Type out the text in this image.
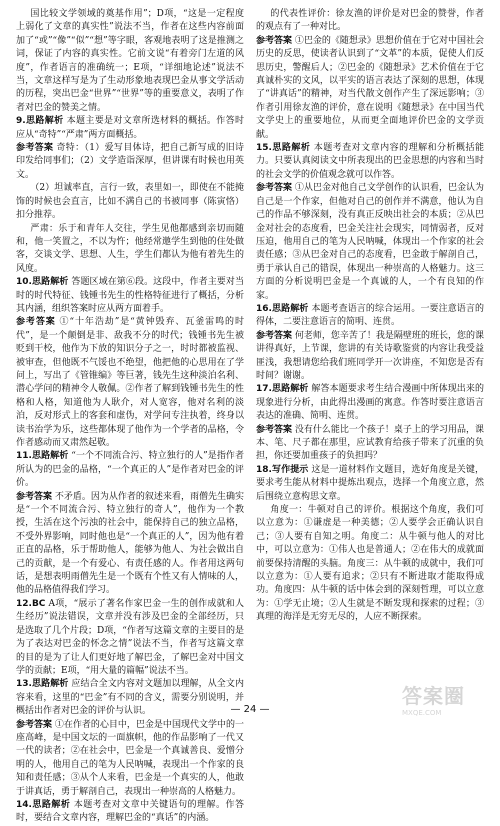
国比较文学领域的奠基作用”；D项，“这是一定程度上弱化了文章的真实性”说法不当，作者在这些内容前面加了“或”“像”“似”“想”等字眼，客观地表明了这是推测之词，保证了内容的真实性。它前文说“有着旁门左道的风度”，作者语言的准确统一；E项，“详细地论述”说法不当，文章这样写是为了生动形象地表现巴金从事文学活动的历程，突出巴金“世界”“世界”等的重要意义，表明了作者对巴金的赞美之情。

9.思路解析 本题主要是对文章所选材料的概括。作答时应从“奇特”“严肃”两方面概括。

参考答案 奇特：（1）爱写目体诗，把自己新写成的旧诗印发给同事们；（2）文学造诣深厚，但讲课有时候也用英文。

（2）坦诚率直，言行一致，表里如一，即使在不能掩饰的时候也会直言，比如不满自己的书被同事（陈寅恪）扣分推荐。

严肃：乐于和青年人交往，学生见他都感到亲切而随和，他一笑置之，不以为忤；他经常邀学生到他的住处做客，交谈文学、思想、人生，学生们都认为他有着先生的风度。

10.思路解析 答题区域在第⑥段。这段中，作者主要对当时的时代特征、钱锺书先生的性格特征进行了概括，分析其内涵，组织答案时应从两方面着手。

参考答案 ①“十年浩劫”是“黄钟毁弃、瓦釜雷鸣的时代”，是一个颠倒是非、敌我不分的时代；钱锺书先生被贬到干校，他作为下放的知识分子之一，时时都被监视、被审查，但他既不气馁也不绝望，他把他的心思用在了学问上，写出了《管锥编》等巨著，钱先生这种淡泊名利、潜心学问的精神令人敬佩。②作者了解到钱锺书先生的性格和人格，知道他为人耿介，对人宽容，他对名利的淡泊，反对形式上的客套和虚伪，对学问专注执着，终身以读书治学为乐，这些都体现了他作为一个学者的品格，令作者感动而又肃然起敬。

11.思路解析 “一个不同流合污、特立独行的人”是指作者所认为的巴金的品格，“一个真正的人”是作者对巴金的评价。

参考答案 不矛盾。因为从作者的叙述来看，雨僧先生确实是“一个不同流合污、特立独行的奇人”，他作为一个教授，生活在这个污浊的社会中，能保持自己的独立品格，不受外界影响，同时他也是“一个真正的人”，因为他有着正直的品格，乐于帮助他人，能够为他人、为社会做出自己的贡献，是一个有爱心、有责任感的人。作者用这两句话，是想表明雨僧先生是一个既有个性又有人情味的人，他的品格值得我们学习。

12.BC A项，“展示了著名作家巴金一生的创作成就和人生经历”说法错误，文章并没有涉及巴金的全部经历，只是选取了几个片段；D项，“作者写这篇文章的主要目的是为了表达对巴金的怀念之情”说法不当，作者写这篇文章的目的是为了让人们更好地了解巴金，了解巴金对中国文学的贡献；E项，“用大量的篇幅”说法不当。

13.思路解析 应结合全文内容对文题加以理解，从全文内容来看，这里的“巴金”有不同的含义，需要分别说明，并概括出作者对巴金的评价与认识。

参考答案 ①在作者的心目中，巴金是中国现代文学中的一座高峰，是中国文坛的一面旗帜，他的作品影响了一代又一代的读者；②在社会中，巴金是一个真诚善良、爱憎分明的人，他用自己的笔为人民呐喊，表现出一个作家的良知和责任感；③从个人来看，巴金是一个真实的人，他敢于讲真话，勇于解剖自己，表现出一种崇高的人格魅力。

14.思路解析 本题考查对文章中关键语句的理解。作答时，要结合文章内容，理解巴金的“真话”的内涵。

的代表性评价：徐友渔的评价是对巴金的赞誉，作者的观点有了一种对比。

参考答案 ①巴金的《随想录》思想价值在于它对中国社会历史的反思，使读者认识到了“文革”的本质，促使人们反思历史，警醒后人；②巴金的《随想录》艺术价值在于它真诚朴实的文风，以平实的语言表达了深刻的思想，体现了“讲真话”的精神，对当代散文创作产生了深远影响；③作者引用徐友渔的评价，意在说明《随想录》在中国当代文学史上的重要地位，从而更全面地评价巴金的文学贡献。

15.思路解析 本题考查对文章内容的理解和分析概括能力。只要认真阅读文中所表现出的巴金思想的内容和当时的社会文学的价值观念就可以作答。

参考答案 ①从巴金对他自己文学创作的认识看，巴金认为自己是一个作家，但他对自己的创作并不满意，他认为自己的作品不够深刻，没有真正反映出社会的本质；②从巴金对社会的态度看，巴金关注社会现实，同情弱者，反对压迫，他用自己的笔为人民呐喊，体现出一个作家的社会责任感；③从巴金对自己的态度看，巴金敢于解剖自己，勇于承认自己的错误，体现出一种崇高的人格魅力。这三方面的分析说明巴金是一个真诚的人，一个有良知的作家。

16.思路解析 本题考查语言的综合运用。一要注意语言的得体，二要注意语言的简明、连贯。

参考答案 何老师，您辛苦了！我是隔壁班的班长，您的课讲得真好，上节课，您讲的有关诗歌鉴赏的内容让我受益匪浅，我想请您给我们班同学开一次讲座，不知您是否有时间？谢谢。

17.思路解析 解答本题要求考生结合漫画中所体现出来的现象进行分析，由此得出漫画的寓意。作答时要注意语言表达的准确、简明、连贯。

参考答案 没有什么能比一个孩子！桌子上的学习用品，课本、笔、尺子都在那里，应试教育给孩子带来了沉重的负担，你还要加重孩子的负担吗？

18.写作提示 这是一道材料作文题目，选好角度是关键，要求考生能从材料中提炼出观点，选择一个角度立意，然后围绕立意构思文章。

角度一：牛顿对自己的评价。根据这个角度，我们可以立意为：①谦虚是一种美德；②人要学会正确认识自己；③人要有自知之明。角度二：从牛顿与他人的对比中，可以立意为：①伟人也是普通人；②在伟大的成就面前要保持清醒的头脑。角度三：从牛顿的成就中，我们可以立意为：①人要有追求；②只有不断进取才能取得成功。角度四：从牛顿的话中体会到的深刻哲理，可以立意为：①学无止境；②人生就是不断发现和探索的过程；③真理的海洋是无穷无尽的，人应不断探索。

— 24 —
答案圈
MXQE.COM
